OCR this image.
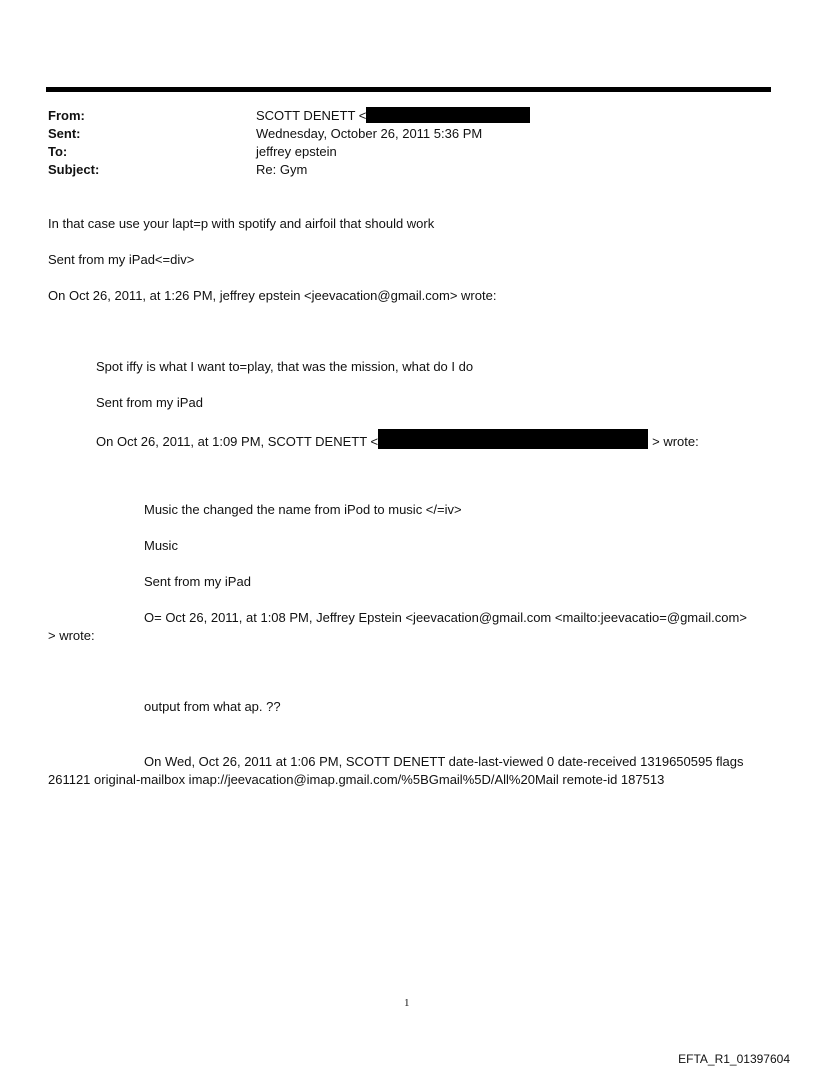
From:	SCOTT DENETT <
Sent:	Wednesday, October 26, 2011 5:36 PM
To:	jeffrey epstein
Subject:	Re: Gym
In that case use your lapt=p with spotify and airfoil that should work
Sent from my iPad<=div>
On Oct 26, 2011, at 1:26 PM, jeffrey epstein <jeevacation@gmail.com> wrote:
Spot iffy is what I want to=play, that was the mission, what do I do
Sent from my iPad
On Oct 26, 2011, at 1:09 PM, SCOTT DENETT <	> wrote:
Music the changed the name from iPod to music </=iv>
Music
Sent from my iPad
O= Oct 26, 2011, at 1:08 PM, Jeffrey Epstein <jeevacation@gmail.com <mailto:jeevacatio=@gmail.com>
> wrote:
output from what ap. ??
On Wed, Oct 26, 2011 at 1:06 PM, SCOTT DENETT date-last-viewed 0 date-received 1319650595 flags
261121 original-mailbox imap://jeevacation@imap.gmail.com/%5BGmail%5D/All%20Mail remote-id 187513
1
EFTA_R1_01397604
